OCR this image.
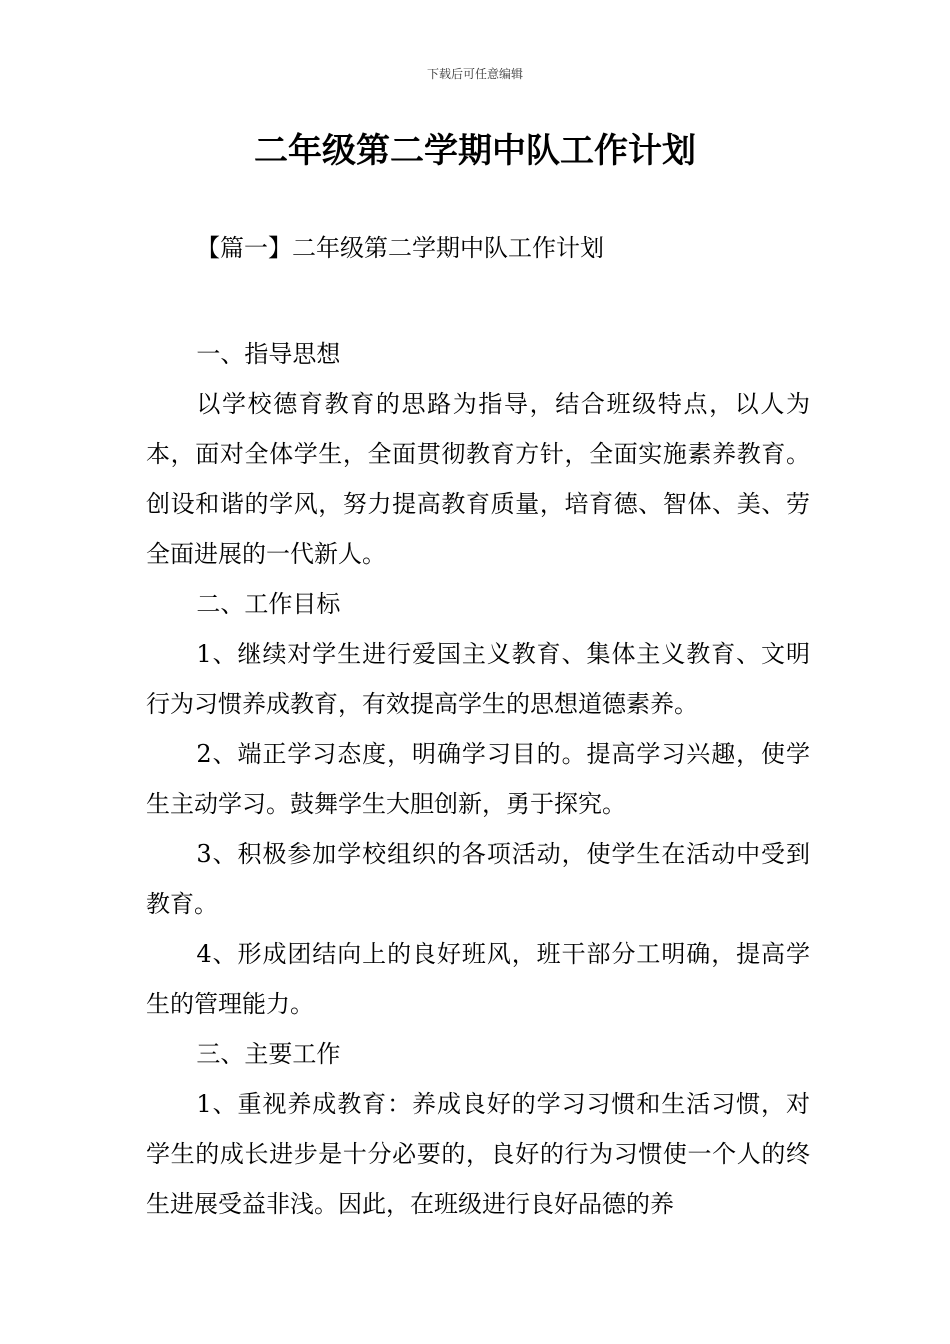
下载后可任意编辑
二年级第二学期中队工作计划
【篇一】二年级第二学期中队工作计划

一、指导思想

以学校德育教育的思路为指导，结合班级特点，以人为本，面对全体学生，全面贯彻教育方针，全面实施素养教育。创设和谐的学风，努力提高教育质量，培育德、智体、美、劳全面进展的一代新人。

二、工作目标

1、继续对学生进行爱国主义教育、集体主义教育、文明行为习惯养成教育，有效提高学生的思想道德素养。

2、端正学习态度，明确学习目的。提高学习兴趣，使学生主动学习。鼓舞学生大胆创新，勇于探究。

3、积极参加学校组织的各项活动，使学生在活动中受到教育。

4、形成团结向上的良好班风，班干部分工明确，提高学生的管理能力。

三、主要工作

1、重视养成教育：养成良好的学习习惯和生活习惯，对学生的成长进步是十分必要的，良好的行为习惯使一个人的终生进展受益非浅。因此，在班级进行良好品德的养
